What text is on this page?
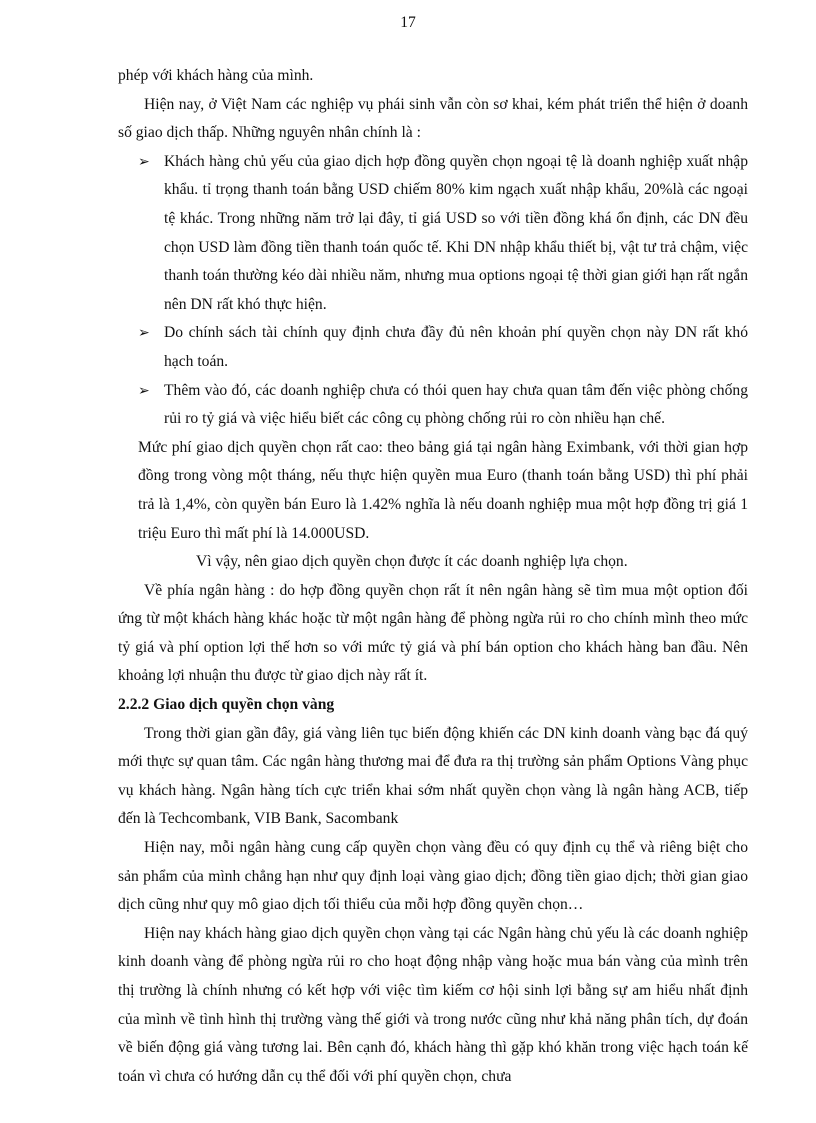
17

phép với khách hàng của mình.

Hiện nay, ở Việt Nam các nghiệp vụ phái sinh vẫn còn sơ khai, kém phát triển thể hiện ở doanh số giao dịch thấp. Những nguyên nhân chính là :

➢ Khách hàng chủ yếu của giao dịch hợp đồng quyền chọn ngoại tệ là doanh nghiệp xuất nhập khẩu. tỉ trọng thanh toán bằng USD chiếm 80% kim ngạch xuất nhập khẩu, 20%là các ngoại tệ khác. Trong những năm trở lại đây, tỉ giá USD so với tiền đồng khá ổn định, các DN đều chọn USD làm đồng tiền thanh toán quốc tế. Khi DN nhập khẩu thiết bị, vật tư trả chậm, việc thanh toán thường kéo dài nhiều năm, nhưng mua options ngoại tệ thời gian giới hạn rất ngắn nên DN rất khó thực hiện.

➢ Do chính sách tài chính quy định chưa đầy đủ nên khoản phí quyền chọn này DN rất khó hạch toán.

➢ Thêm vào đó, các doanh nghiệp chưa có thói quen hay chưa quan tâm đến việc phòng chống rủi ro tỷ giá và việc hiểu biết các công cụ phòng chống rủi ro còn nhiều hạn chế.

Mức phí giao dịch quyền chọn rất cao: theo bảng giá tại ngân hàng Eximbank, với thời gian hợp đồng trong vòng một tháng, nếu thực hiện quyền mua Euro (thanh toán bằng USD) thì phí phải trả là 1,4%, còn quyền bán Euro là 1.42% nghĩa là nếu doanh nghiệp mua một hợp đồng trị giá 1 triệu Euro thì mất phí là 14.000USD.

Vì vậy, nên giao dịch quyền chọn được ít các doanh nghiệp lựa chọn.

Về phía ngân hàng : do hợp đồng quyền chọn rất ít nên ngân hàng sẽ tìm mua một option đối ứng từ một khách hàng khác hoặc từ một ngân hàng để phòng ngừa rủi ro cho chính mình theo mức tỷ giá và phí option lợi thế hơn so với mức tỷ giá và phí bán option cho khách hàng ban đầu. Nên khoảng lợi nhuận thu được từ giao dịch này rất ít.

2.2.2 Giao dịch quyền chọn vàng

Trong thời gian gần đây, giá vàng liên tục biến động khiến các DN kinh doanh vàng bạc đá quý mới thực sự quan tâm. Các ngân hàng thương mai để đưa ra thị trường sản phẩm Options Vàng phục vụ khách hàng. Ngân hàng tích cực triển khai sớm nhất quyền chọn vàng là ngân hàng ACB, tiếp đến là Techcombank, VIB Bank, Sacombank

Hiện nay, mỗi ngân hàng cung cấp quyền chọn vàng đều có quy định cụ thể và riêng biệt cho sản phẩm của mình chẳng hạn như quy định loại vàng giao dịch; đồng tiền giao dịch; thời gian giao dịch cũng như quy mô giao dịch tối thiểu của mỗi hợp đồng quyền chọn…

Hiện nay khách hàng giao dịch quyền chọn vàng tại các Ngân hàng chủ yếu là các doanh nghiệp kinh doanh vàng để phòng ngừa rủi ro cho hoạt động nhập vàng hoặc mua bán vàng của mình trên thị trường là chính nhưng có kết hợp với việc tìm kiếm cơ hội sinh lợi bằng sự am hiểu nhất định của mình về tình hình thị trường vàng thế giới và trong nước cũng như khả năng phân tích, dự đoán về biến động giá vàng tương lai. Bên cạnh đó, khách hàng thì gặp khó khăn trong việc hạch toán kế toán vì chưa có hướng dẫn cụ thể đối với phí quyền chọn, chưa
